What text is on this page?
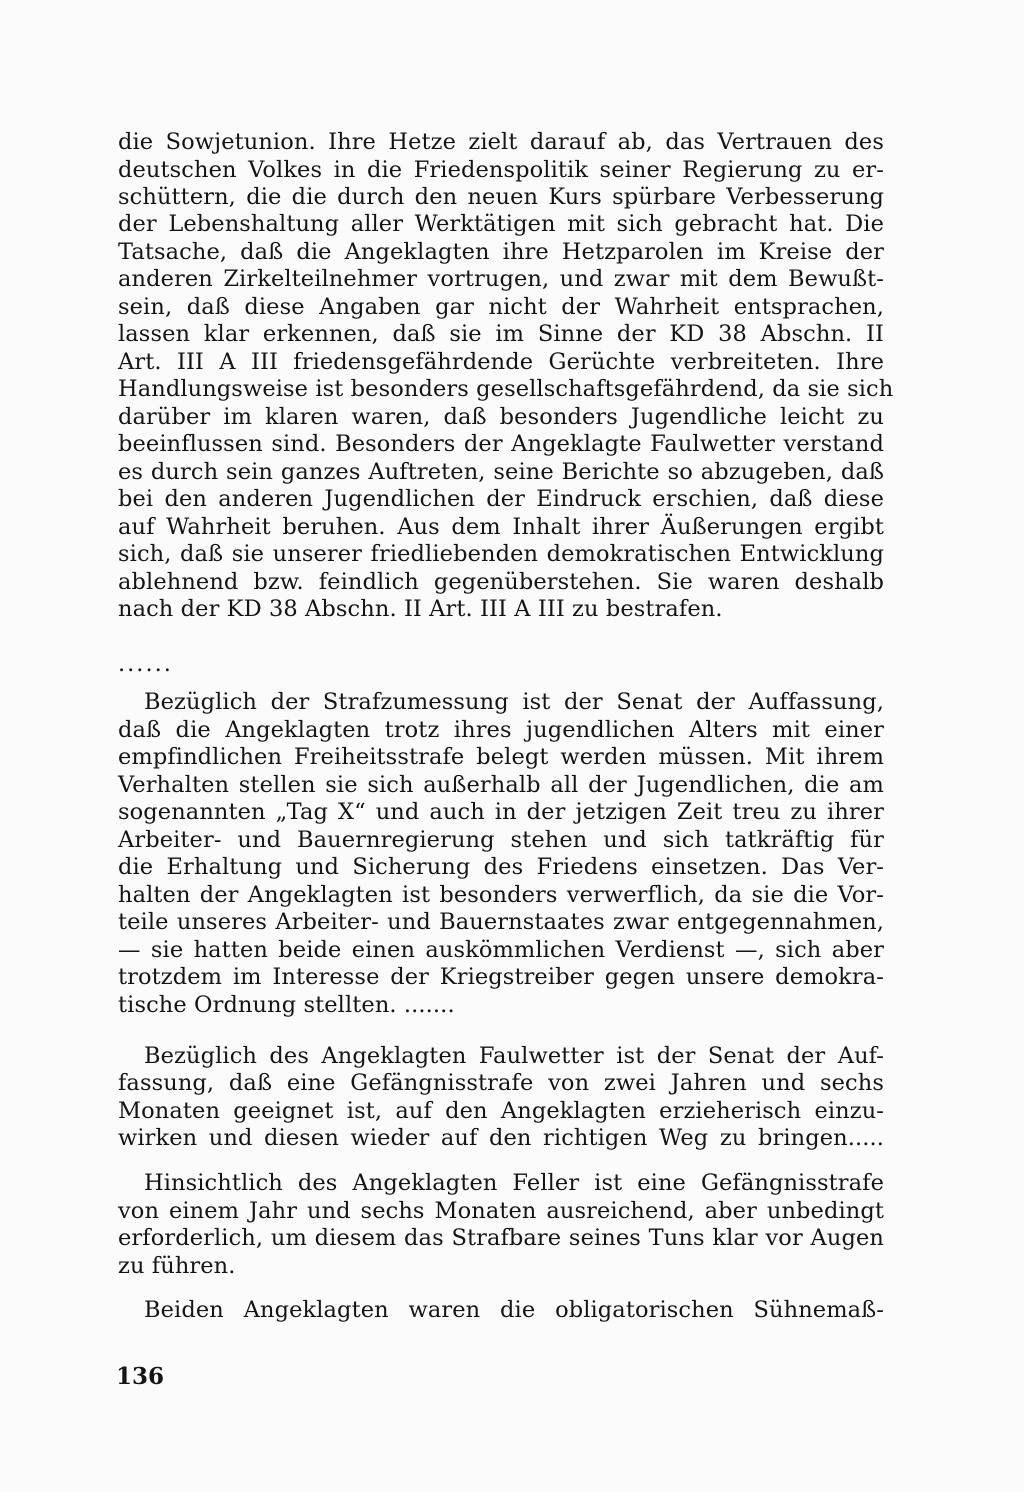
die Sowjetunion. Ihre Hetze zielt darauf ab, das Vertrauen des
deutschen Volkes in die Friedenspolitik seiner Regierung zu er-
schüttern, die die durch den neuen Kurs spürbare Verbesserung
der Lebenshaltung aller Werktätigen mit sich gebracht hat. Die
Tatsache, daß die Angeklagten ihre Hetzparolen im Kreise der
anderen Zirkelteilnehmer vortrugen, und zwar mit dem Bewußt-
sein, daß diese Angaben gar nicht der Wahrheit entsprachen,
lassen klar erkennen, daß sie im Sinne der KD 38 Abschn. II
Art. III A III friedensgefährdende Gerüchte verbreiteten. Ihre
Handlungsweise ist besonders gesellschaftsgefährdend, da sie sich
darüber im klaren waren, daß besonders Jugendliche leicht zu
beeinflussen sind. Besonders der Angeklagte Faulwetter verstand
es durch sein ganzes Auftreten, seine Berichte so abzugeben, daß
bei den anderen Jugendlichen der Eindruck erschien, daß diese
auf Wahrheit beruhen. Aus dem Inhalt ihrer Äußerungen ergibt
sich, daß sie unserer friedliebenden demokratischen Entwicklung
ablehnend bzw. feindlich gegenüberstehen. Sie waren deshalb
nach der KD 38 Abschn. II Art. III A III zu bestrafen.
......
Bezüglich der Strafzumessung ist der Senat der Auffassung,
daß die Angeklagten trotz ihres jugendlichen Alters mit einer
empfindlichen Freiheitsstrafe belegt werden müssen. Mit ihrem
Verhalten stellen sie sich außerhalb all der Jugendlichen, die am
sogenannten „Tag X“ und auch in der jetzigen Zeit treu zu ihrer
Arbeiter- und Bauernregierung stehen und sich tatkräftig für
die Erhaltung und Sicherung des Friedens einsetzen. Das Ver-
halten der Angeklagten ist besonders verwerflich, da sie die Vor-
teile unseres Arbeiter- und Bauernstaates zwar entgegennahmen,
— sie hatten beide einen auskömmlichen Verdienst —, sich aber
trotzdem im Interesse der Kriegstreiber gegen unsere demokra-
tische Ordnung stellten. .......
Bezüglich des Angeklagten Faulwetter ist der Senat der Auf-
fassung, daß eine Gefängnisstrafe von zwei Jahren und sechs
Monaten geeignet ist, auf den Angeklagten erzieherisch einzu-
wirken und diesen wieder auf den richtigen Weg zu bringen.....
Hinsichtlich des Angeklagten Feller ist eine Gefängnisstrafe
von einem Jahr und sechs Monaten ausreichend, aber unbedingt
erforderlich, um diesem das Strafbare seines Tuns klar vor Augen
zu führen.
Beiden Angeklagten waren die obligatorischen Sühnemaß-
136
